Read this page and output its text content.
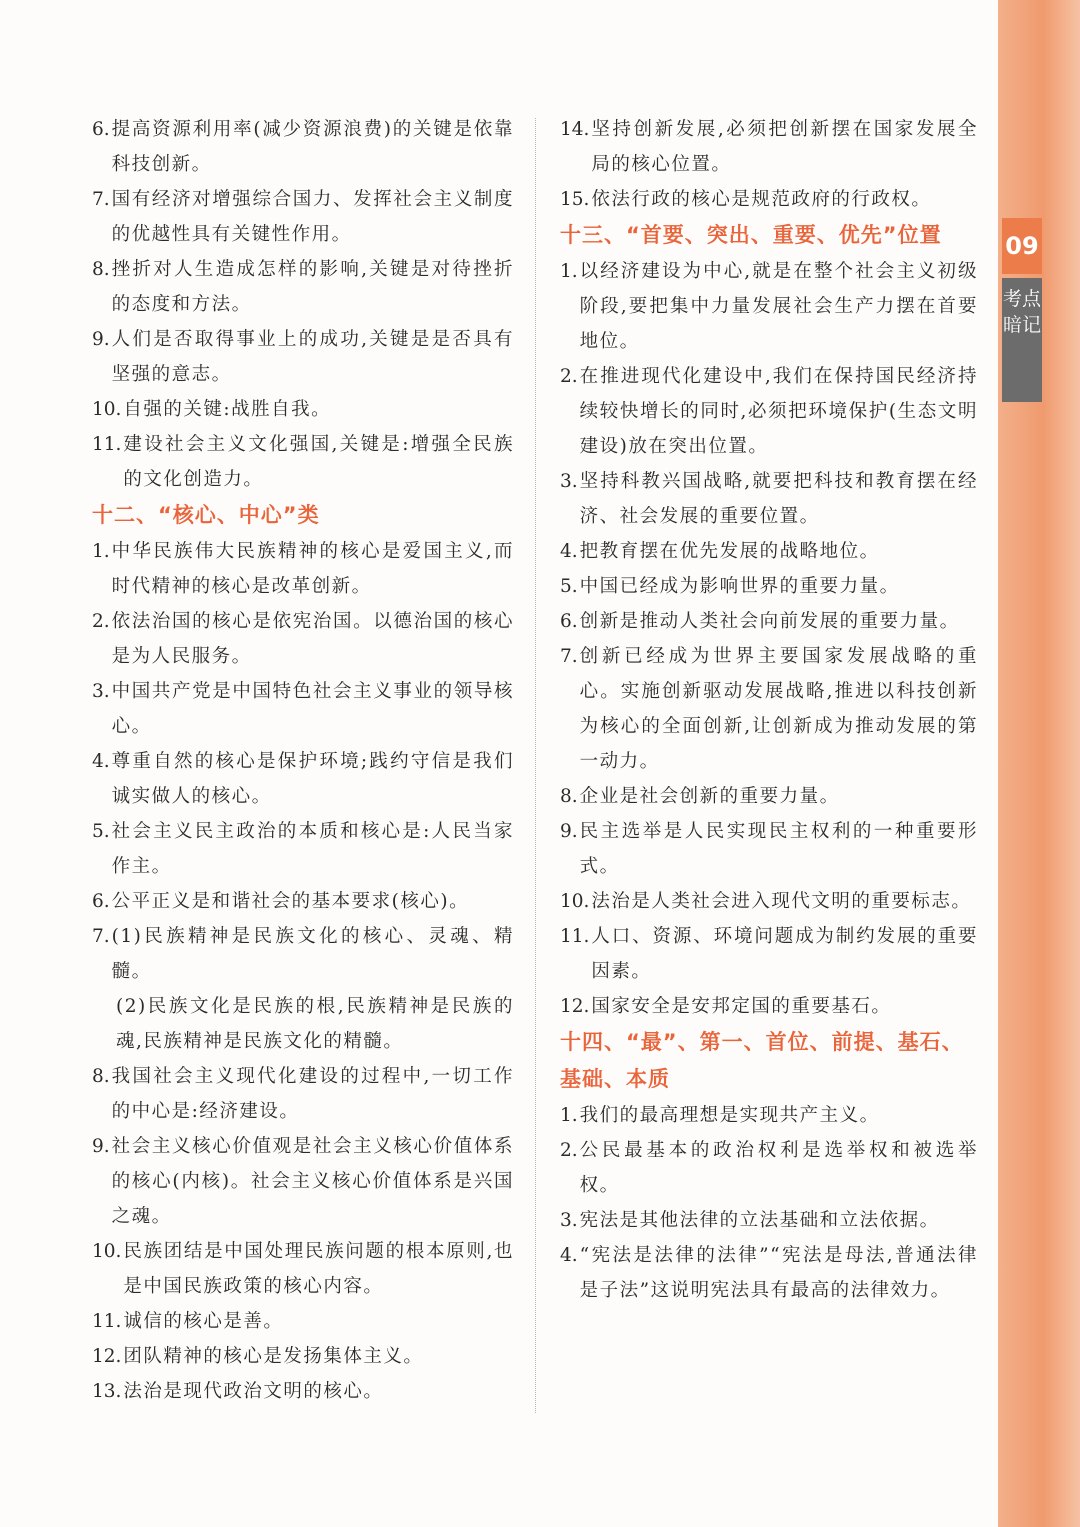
09
考点暗记
6. 提高资源利用率(减少资源浪费)的关键是依靠科技创新。
7. 国有经济对增强综合国力、发挥社会主义制度的优越性具有关键性作用。
8. 挫折对人生造成怎样的影响,关键是对待挫折的态度和方法。
9. 人们是否取得事业上的成功,关键是是否具有坚强的意志。
10. 自强的关键:战胜自我。
11. 建设社会主义文化强国,关键是:增强全民族的文化创造力。
十二、“核心、中心”类
1. 中华民族伟大民族精神的核心是爱国主义,而时代精神的核心是改革创新。
2. 依法治国的核心是依宪治国。以德治国的核心是为人民服务。
3. 中国共产党是中国特色社会主义事业的领导核心。
4. 尊重自然的核心是保护环境;践约守信是我们诚实做人的核心。
5. 社会主义民主政治的本质和核心是:人民当家作主。
6. 公平正义是和谐社会的基本要求(核心)。
7. (1)民族精神是民族文化的核心、灵魂、精髓。
(2)民族文化是民族的根,民族精神是民族的魂,民族精神是民族文化的精髓。
8. 我国社会主义现代化建设的过程中,一切工作的中心是:经济建设。
9. 社会主义核心价值观是社会主义核心价值体系的核心(内核)。社会主义核心价值体系是兴国之魂。
10. 民族团结是中国处理民族问题的根本原则,也是中国民族政策的核心内容。
11. 诚信的核心是善。
12. 团队精神的核心是发扬集体主义。
13. 法治是现代政治文明的核心。
14. 坚持创新发展,必须把创新摆在国家发展全局的核心位置。
15. 依法行政的核心是规范政府的行政权。
十三、“首要、突出、重要、优先”位置
1. 以经济建设为中心,就是在整个社会主义初级阶段,要把集中力量发展社会生产力摆在首要地位。
2. 在推进现代化建设中,我们在保持国民经济持续较快增长的同时,必须把环境保护(生态文明建设)放在突出位置。
3. 坚持科教兴国战略,就要把科技和教育摆在经济、社会发展的重要位置。
4. 把教育摆在优先发展的战略地位。
5. 中国已经成为影响世界的重要力量。
6. 创新是推动人类社会向前发展的重要力量。
7. 创新已经成为世界主要国家发展战略的重心。实施创新驱动发展战略,推进以科技创新为核心的全面创新,让创新成为推动发展的第一动力。
8. 企业是社会创新的重要力量。
9. 民主选举是人民实现民主权利的一种重要形式。
10. 法治是人类社会进入现代文明的重要标志。
11. 人口、资源、环境问题成为制约发展的重要因素。
12. 国家安全是安邦定国的重要基石。
十四、“最”、第一、首位、前提、基石、基础、本质
1. 我们的最高理想是实现共产主义。
2. 公民最基本的政治权利是选举权和被选举权。
3. 宪法是其他法律的立法基础和立法依据。
4. “宪法是法律的法律”“宪法是母法,普通法律是子法”这说明宪法具有最高的法律效力。
